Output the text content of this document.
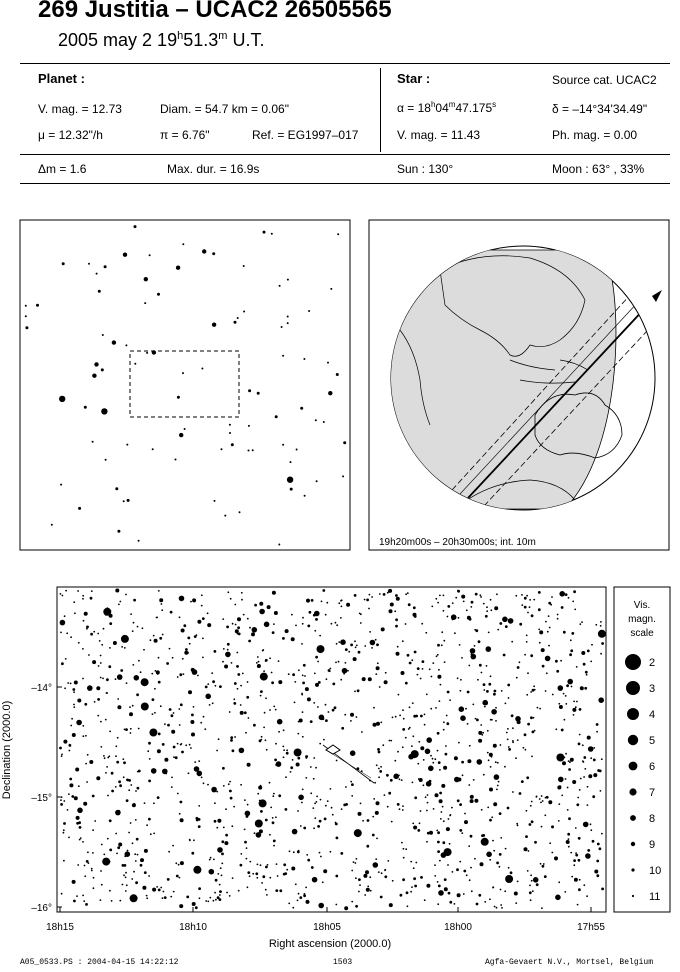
269 Justitia – UCAC2 26505565
2005 may 2 19$^h$51.3$^m$ U.T.
Planet :
V. mag. = 12.73	Diam. = 54.7 km = 0.06"
μ = 12.32"/h	π = 6.76"	Ref. = EG1997–017
Δm = 1.6	Max. dur. = 16.9s
Star :	Source cat. UCAC2
$\alpha = 18^h04^m47.175^s$	δ = –14°34'34.49"
V. mag. = 11.43	Ph. mag. = 0.00
Sun : 130°	Moon : 63° , 33%
19h20m00s – 20h30m00s; int. 10m
18h15	18h10	18h05	18h00	17h55
–14°
–15°
–16°
Right ascension (2000.0)
Declination (2000.0)
Vis.
magn.
scale
2
3
4
5
6
7
8
9
10
11
A05_0533.PS : 2004-04-15 14:22:12	1503	Agfa-Gevaert N.V., Mortsel, Belgium
